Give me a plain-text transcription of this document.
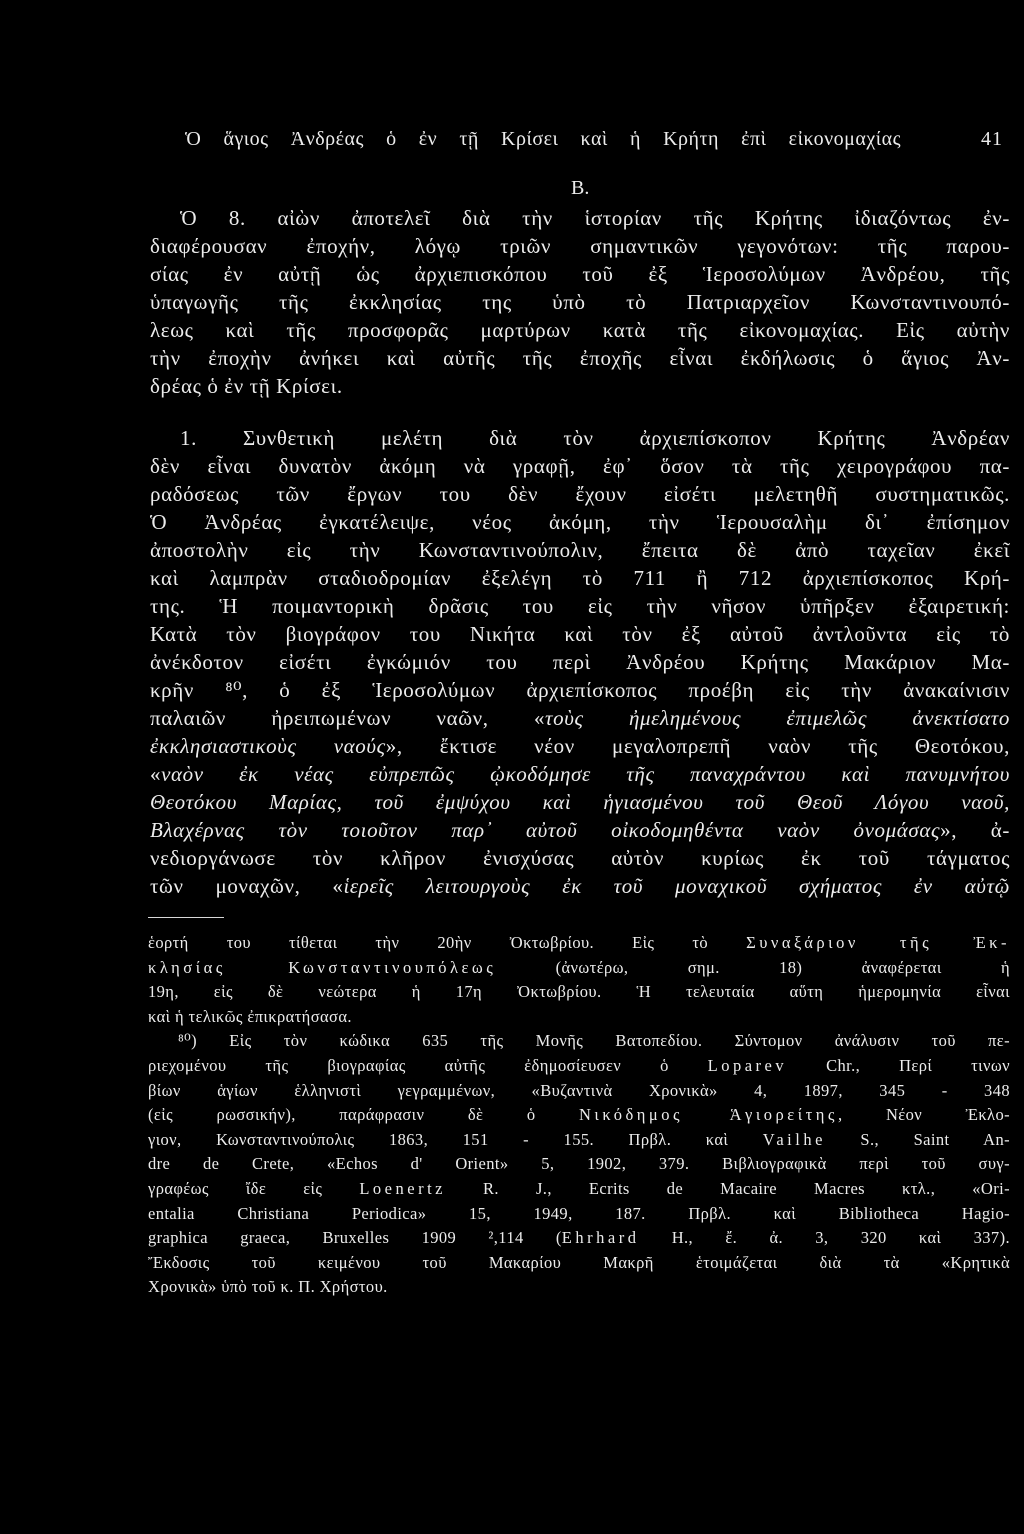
Ὁ ἅγιος Ἀνδρέας ὁ ἐν τῇ Κρίσει καὶ ἡ Κρήτη ἐπὶ εἰκονομαχίας	41
Β.
Ὁ 8. αἰὼν ἀποτελεῖ διὰ τὴν ἱστορίαν τῆς Κρήτης ἰδιαζόντως ἐν-
διαφέρουσαν ἐποχήν, λόγῳ τριῶν σημαντικῶν γεγονότων: τῆς παρου-
σίας ἐν αὐτῇ ὡς ἀρχιεπισκόπου τοῦ ἐξ Ἱεροσολύμων Ἀνδρέου, τῆς
ὑπαγωγῆς τῆς ἐκκλησίας της ὑπὸ τὸ Πατριαρχεῖον Κωνσταντινουπό-
λεως καὶ τῆς προσφορᾶς μαρτύρων κατὰ τῆς εἰκονομαχίας. Εἰς αὐτὴν
τὴν ἐποχὴν ἀνήκει καὶ αὐτῆς τῆς ἐποχῆς εἶναι ἐκδήλωσις ὁ ἅγιος Ἀν-
δρέας ὁ ἐν τῇ Κρίσει.
1. Συνθετικὴ μελέτη διὰ τὸν ἀρχιεπίσκοπον Κρήτης Ἀνδρέαν
δὲν εἶναι δυνατὸν ἀκόμη νὰ γραφῇ, ἐφ᾽ ὅσον τὰ τῆς χειρογράφου πα-
ραδόσεως τῶν ἔργων του δὲν ἔχουν εἰσέτι μελετηθῆ συστηματικῶς.
Ὁ Ἀνδρέας ἐγκατέλειψε, νέος ἀκόμη, τὴν Ἱερουσαλὴμ δι᾽ ἐπίσημον
ἀποστολὴν εἰς τὴν Κωνσταντινούπολιν, ἔπειτα δὲ ἀπὸ ταχεῖαν ἐκεῖ
καὶ λαμπρὰν σταδιοδρομίαν ἐξελέγη τὸ 711 ἢ 712 ἀρχιεπίσκοπος Κρή-
της. Ἡ ποιμαντορικὴ δρᾶσις του εἰς τὴν νῆσον ὑπῆρξεν ἐξαιρετική:
Κατὰ τὸν βιογράφον του Νικήτα καὶ τὸν ἐξ αὐτοῦ ἀντλοῦντα εἰς τὸ
ἀνέκδοτον εἰσέτι ἐγκώμιόν του περὶ Ἀνδρέου Κρήτης Μακάριον Μα-
κρῆν ⁸⁰, ὁ ἐξ Ἱεροσολύμων ἀρχιεπίσκοπος προέβη εἰς τὴν ἀνακαίνισιν
παλαιῶν ἠρειπωμένων ναῶν, «τοὺς ἠμελημένους ἐπιμελῶς ἀνεκτίσατο
ἐκκλησιαστικοὺς ναούς», ἔκτισε νέον μεγαλοπρεπῆ ναὸν τῆς Θεοτόκου,
«ναὸν ἐκ νέας εὐπρεπῶς ᾠκοδόμησε τῆς παναχράντου καὶ πανυμνήτου
Θεοτόκου Μαρίας, τοῦ ἐμψύχου καὶ ἡγιασμένου τοῦ Θεοῦ Λόγου ναοῦ,
Βλαχέρνας τὸν τοιοῦτον παρ᾽ αὐτοῦ οἰκοδομηθέντα ναὸν ὀνομάσας», ἀ-
νεδιοργάνωσε τὸν κλῆρον ἐνισχύσας αὐτὸν κυρίως ἐκ τοῦ τάγματος
τῶν μοναχῶν, «ἱερεῖς λειτουργοὺς ἐκ τοῦ μοναχικοῦ σχήματος ἐν αὐτῷ
ἑορτή του τίθεται τὴν 20ὴν Ὀκτωβρίου. Εἰς τὸ Συναξάριον τῆς Ἐκ-
κλησίας Κωνσταντινουπόλεως (ἀνωτέρω, σημ. 18) ἀναφέρεται ἡ
19η, εἰς δὲ νεώτερα ἡ 17η Ὀκτωβρίου. Ἡ τελευταία αὕτη ἡμερομηνία εἶναι
καὶ ἡ τελικῶς ἐπικρατήσασα.
⁸⁰) Εἰς τὸν κώδικα 635 τῆς Μονῆς Βατοπεδίου. Σύντομον ἀνάλυσιν τοῦ πε-
ριεχομένου τῆς βιογραφίας αὐτῆς ἐδημοσίευσεν ὁ Loparev Chr., Περί τινων
βίων ἁγίων ἑλληνιστὶ γεγραμμένων, «Βυζαντινὰ Χρονικὰ» 4, 1897, 345 - 348
(εἰς ρωσσικήν), παράφρασιν δὲ ὁ Νικόδημος Ἁγιορείτης, Νέον Ἐκλο-
γιον, Κωνσταντινούπολις 1863, 151 - 155. Πρβλ. καὶ Vailhe S., Saint An-
dre de Crete, «Echos d' Orient» 5, 1902, 379. Βιβλιογραφικὰ περὶ τοῦ συγ-
γραφέως ἴδε εἰς Loenertz R. J., Ecrits de Macaire Macres κτλ., «Ori-
entalia Christiana Periodica» 15, 1949, 187. Πρβλ. καὶ Bibliotheca Hagio-
graphica graeca, Bruxelles 1909 ²,114 (Ehrhard H., ἔ. ἀ. 3, 320 καὶ 337).
Ἔκδοσις τοῦ κειμένου τοῦ Μακαρίου Μακρῆ ἑτοιμάζεται διὰ τὰ «Κρητικὰ
Χρονικὰ» ὑπὸ τοῦ κ. Π. Χρήστου.
